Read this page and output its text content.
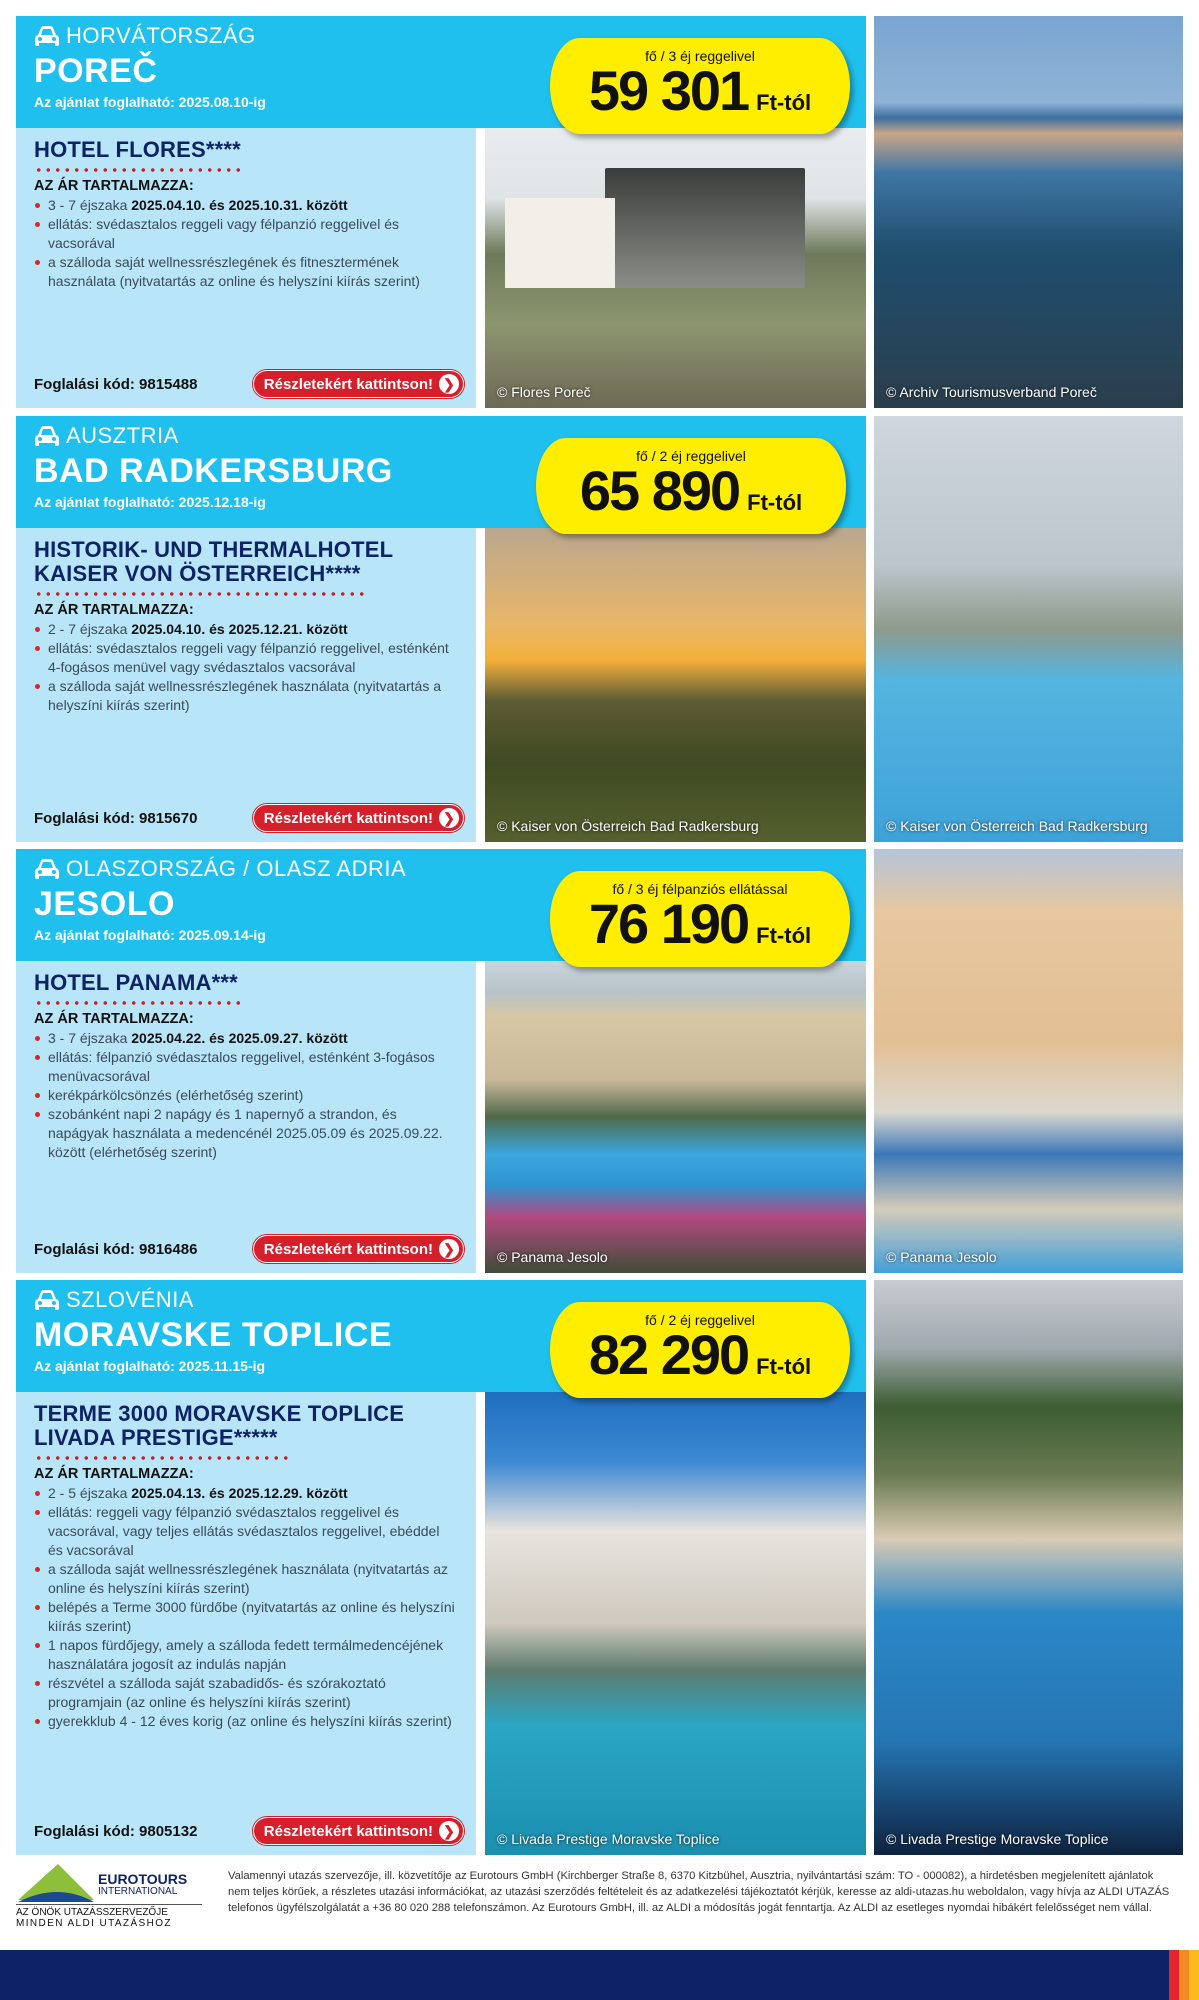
HORVÁTORSZÁG
POREČ
Az ajánlat foglalható: 2025.08.10-ig
HOTEL FLORES****
AZ ÁR TARTALMAZZA:
3 - 7 éjszaka 2025.04.10. és 2025.10.31. között
ellátás: svédasztalos reggeli vagy félpanzió reggelivel és vacsorával
a szálloda saját wellnessrészlegének és fitnesztermének használata (nyitvatartás az online és helyszíni kiírás szerint)
Foglalási kód: 9815488	Részletekért kattintson! ❯
© Flores Poreč	© Archiv Tourismusverband Poreč
fő / 3 éj reggelivel
59 301 Ft-tól
AUSZTRIA
BAD RADKERSBURG
Az ajánlat foglalható: 2025.12.18-ig
HISTORIK- UND THERMALHOTEL KAISER VON ÖSTERREICH****
AZ ÁR TARTALMAZZA:
2 - 7 éjszaka 2025.04.10. és 2025.12.21. között
ellátás: svédasztalos reggeli vagy félpanzió reggelivel, esténként 4-fogásos menüvel vagy svédasztalos vacsorával
a szálloda saját wellnessrészlegének használata (nyitvatartás a helyszíni kiírás szerint)
Foglalási kód: 9815670	Részletekért kattintson! ❯
© Kaiser von Österreich Bad Radkersburg	© Kaiser von Österreich Bad Radkersburg
fő / 2 éj reggelivel
65 890 Ft-tól
OLASZORSZÁG / OLASZ ADRIA
JESOLO
Az ajánlat foglalható: 2025.09.14-ig
HOTEL PANAMA***
AZ ÁR TARTALMAZZA:
3 - 7 éjszaka 2025.04.22. és 2025.09.27. között
ellátás: félpanzió svédasztalos reggelivel, esténként 3-fogásos menüvacsorával
kerékpárkölcsönzés (elérhetőség szerint)
szobánként napi 2 napágy és 1 napernyő a strandon, és napágyak használata a medencénél 2025.05.09 és 2025.09.22. között (elérhetőség szerint)
Foglalási kód: 9816486	Részletekért kattintson! ❯
© Panama Jesolo	© Panama Jesolo
fő / 3 éj félpanziós ellátással
76 190 Ft-tól
SZLOVÉNIA
MORAVSKE TOPLICE
Az ajánlat foglalható: 2025.11.15-ig
TERME 3000 MORAVSKE TOPLICE LIVADA PRESTIGE*****
AZ ÁR TARTALMAZZA:
2 - 5 éjszaka 2025.04.13. és 2025.12.29. között
ellátás: reggeli vagy félpanzió svédasztalos reggelivel és vacsorával, vagy teljes ellátás svédasztalos reggelivel, ebéddel és vacsorával
a szálloda saját wellnessrészlegének használata (nyitvatartás az online és helyszíni kiírás szerint)
belépés a Terme 3000 fürdőbe (nyitvatartás az online és helyszíni kiírás szerint)
1 napos fürdőjegy, amely a szálloda fedett termálmedencéjének használatára jogosít az indulás napján
részvétel a szálloda saját szabadidős- és szórakoztató programjain (az online és helyszíni kiírás szerint)
gyerekklub 4 - 12 éves korig (az online és helyszíni kiírás szerint)
Foglalási kód: 9805132	Részletekért kattintson! ❯
© Livada Prestige Moravske Toplice	© Livada Prestige Moravske Toplice
fő / 2 éj reggelivel
82 290 Ft-tól
EUROTOURS
INTERNATIONAL
AZ ÖNÖK UTAZÁSSZERVEZŐJE
MINDEN ALDI UTAZÁSHOZ
Valamennyi utazás szervezője, ill. közvetítője az Eurotours GmbH (Kirchberger Straße 8, 6370 Kitzbühel, Ausztria, nyilvántartási szám: TO - 000082), a hirdetésben megjelenített ajánlatok nem teljes körűek, a részletes utazási információkat, az utazási szerződés feltételeit és az adatkezelési tájékoztatót kérjük, keresse az aldi-utazas.hu weboldalon, vagy hívja az ALDI UTAZÁS telefonos ügyfélszolgálatát a +36 80 020 288 telefonszámon. Az Eurotours GmbH, ill. az ALDI a módosítás jogát fenntartja. Az ALDI az esetleges nyomdai hibákért felelősséget nem vállal.
